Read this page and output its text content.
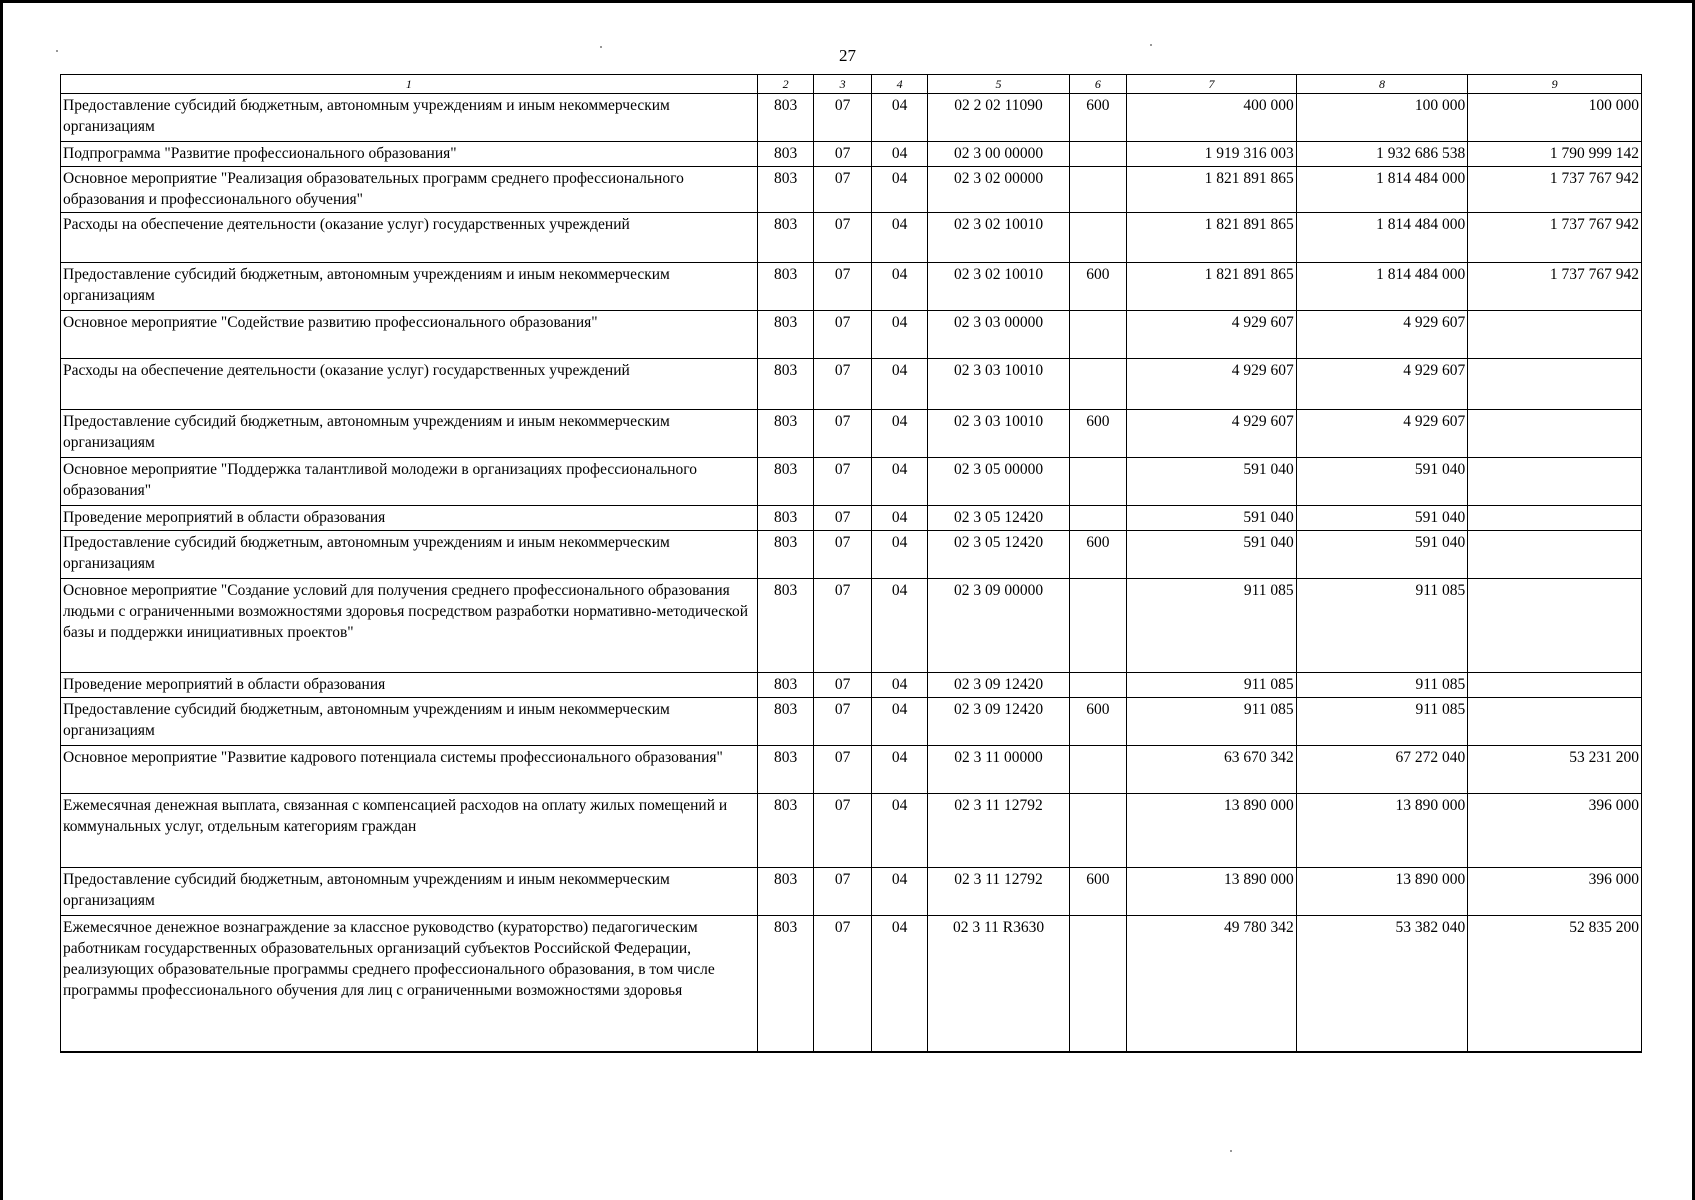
27
1	2	3	4	5	6	7	8	9
Предоставление субсидий бюджетным, автономным учреждениям и иным некоммерческим организациям	803	07	04	02 2 02 11090	600	400 000	100 000	100 000
Подпрограмма "Развитие профессионального образования"	803	07	04	02 3 00 00000		1 919 316 003	1 932 686 538	1 790 999 142
Основное мероприятие "Реализация образовательных программ среднего профессионального образования и профессионального обучения"	803	07	04	02 3 02 00000		1 821 891 865	1 814 484 000	1 737 767 942
Расходы на обеспечение деятельности (оказание услуг) государственных учреждений	803	07	04	02 3 02 10010		1 821 891 865	1 814 484 000	1 737 767 942
Предоставление субсидий бюджетным, автономным учреждениям и иным некоммерческим организациям	803	07	04	02 3 02 10010	600	1 821 891 865	1 814 484 000	1 737 767 942
Основное мероприятие "Содействие развитию профессионального образования"	803	07	04	02 3 03 00000		4 929 607	4 929 607	
Расходы на обеспечение деятельности (оказание услуг) государственных учреждений	803	07	04	02 3 03 10010		4 929 607	4 929 607	
Предоставление субсидий бюджетным, автономным учреждениям и иным некоммерческим организациям	803	07	04	02 3 03 10010	600	4 929 607	4 929 607	
Основное мероприятие "Поддержка талантливой молодежи в организациях профессионального образования"	803	07	04	02 3 05 00000		591 040	591 040	
Проведение мероприятий в области образования	803	07	04	02 3 05 12420		591 040	591 040	
Предоставление субсидий бюджетным, автономным учреждениям и иным некоммерческим организациям	803	07	04	02 3 05 12420	600	591 040	591 040	
Основное мероприятие "Создание условий для получения среднего профессионального образования людьми с ограниченными возможностями здоровья посредством разработки нормативно-методической базы и поддержки инициативных проектов"	803	07	04	02 3 09 00000		911 085	911 085	
Проведение мероприятий в области образования	803	07	04	02 3 09 12420		911 085	911 085	
Предоставление субсидий бюджетным, автономным учреждениям и иным некоммерческим организациям	803	07	04	02 3 09 12420	600	911 085	911 085	
Основное мероприятие "Развитие кадрового потенциала системы профессионального образования"	803	07	04	02 3 11 00000		63 670 342	67 272 040	53 231 200
Ежемесячная денежная выплата, связанная с компенсацией расходов на оплату жилых помещений и коммунальных услуг, отдельным категориям граждан	803	07	04	02 3 11 12792		13 890 000	13 890 000	396 000
Предоставление субсидий бюджетным, автономным учреждениям и иным некоммерческим организациям	803	07	04	02 3 11 12792	600	13 890 000	13 890 000	396 000
Ежемесячное денежное вознаграждение за классное руководство (кураторство) педагогическим работникам государственных образовательных организаций субъектов Российской Федерации, реализующих образовательные программы среднего профессионального образования, в том числе программы профессионального обучения для лиц с ограниченными возможностями здоровья	803	07	04	02 3 11 R3630		49 780 342	53 382 040	52 835 200
